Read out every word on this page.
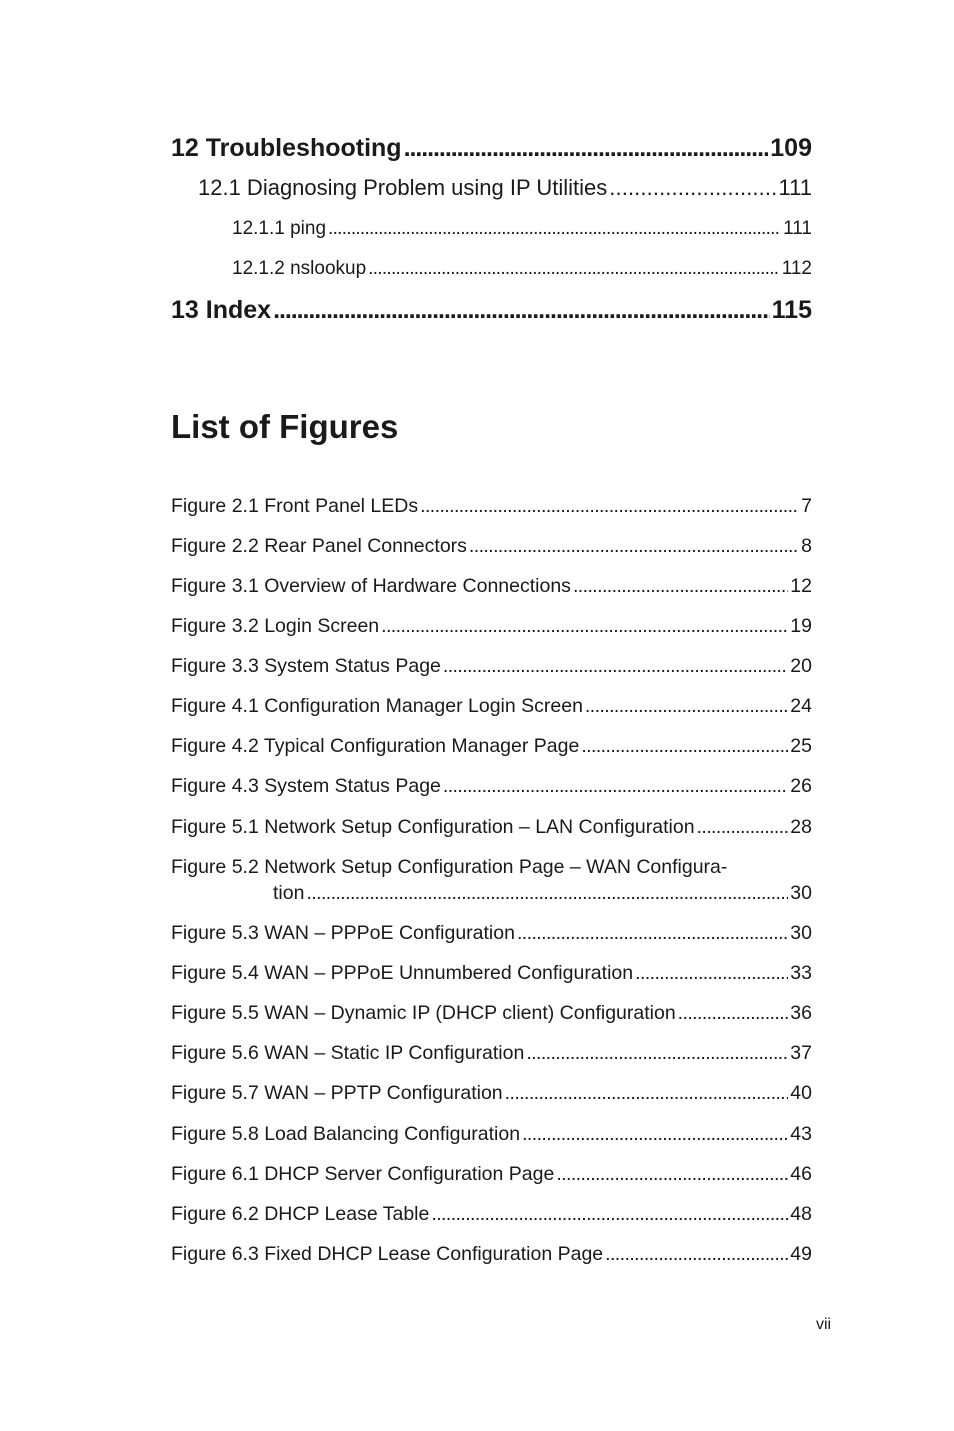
12 Troubleshooting . . .	109
12.1 Diagnosing Problem using IP Utilities . . .	111
12.1.1 ping . . .	111
12.1.2 nslookup . . .	112
13 Index . . .	115
List of Figures
Figure 2.1 Front Panel LEDs . . .	7
Figure 2.2 Rear Panel Connectors . . .	8
Figure 3.1 Overview of Hardware Connections . . .	12
Figure 3.2 Login Screen . . .	19
Figure 3.3 System Status Page . . .	20
Figure 4.1 Configuration Manager Login Screen . . .	24
Figure 4.2 Typical Configuration Manager Page . . .	25
Figure 4.3 System Status Page . . .	26
Figure 5.1 Network Setup Configuration – LAN Configuration . . .	28
Figure 5.2 Network Setup Configuration Page – WAN Configura-
tion . . .	30
Figure 5.3 WAN – PPPoE Configuration . . .	30
Figure 5.4 WAN – PPPoE Unnumbered Configuration . . .	33
Figure 5.5 WAN – Dynamic IP (DHCP client) Configuration . . .	36
Figure 5.6 WAN – Static IP Configuration . . .	37
Figure 5.7 WAN – PPTP Configuration . . .	40
Figure 5.8 Load Balancing Configuration . . .	43
Figure 6.1 DHCP Server Configuration Page . . .	46
Figure 6.2 DHCP Lease Table . . .	48
Figure 6.3 Fixed DHCP Lease Configuration Page . . .	49
vii
